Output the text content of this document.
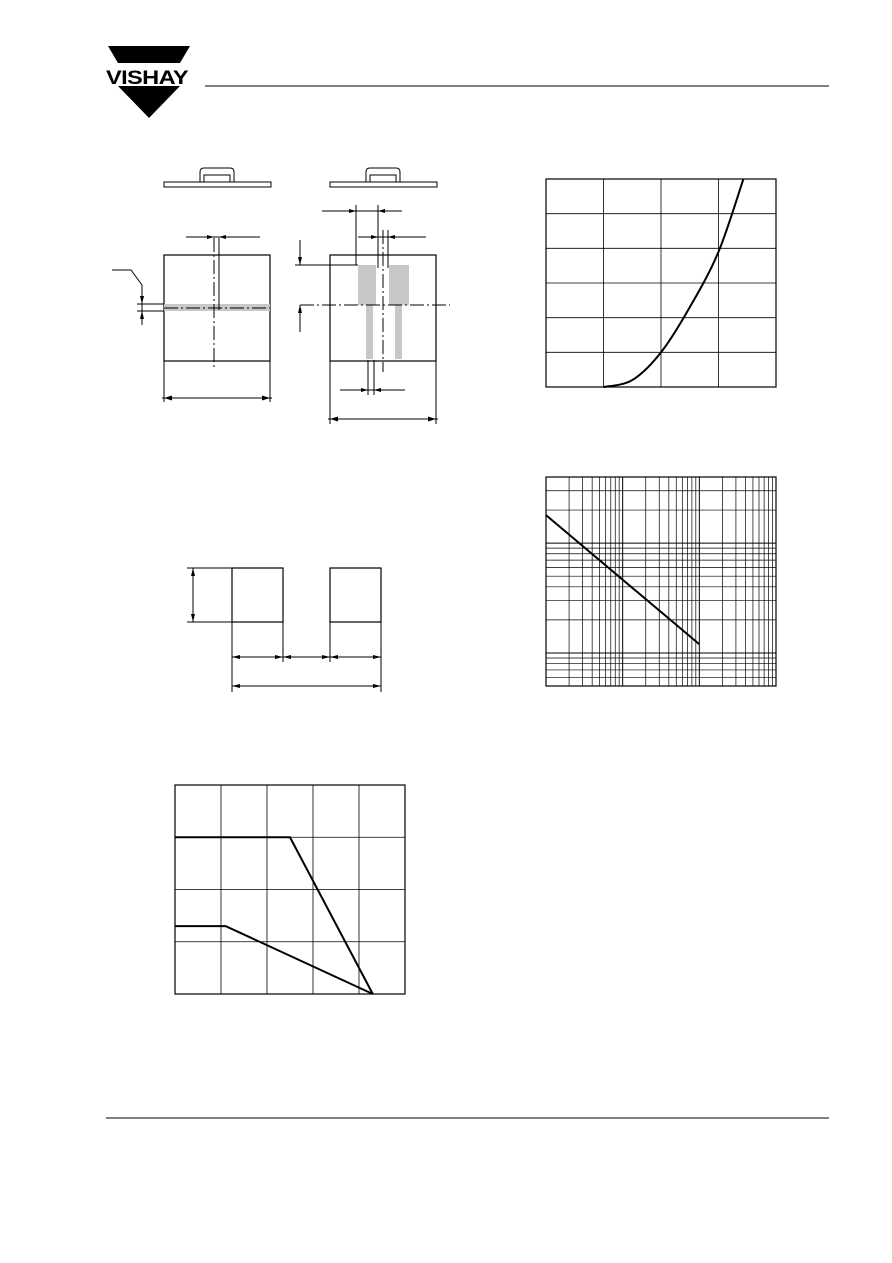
VISHAY
